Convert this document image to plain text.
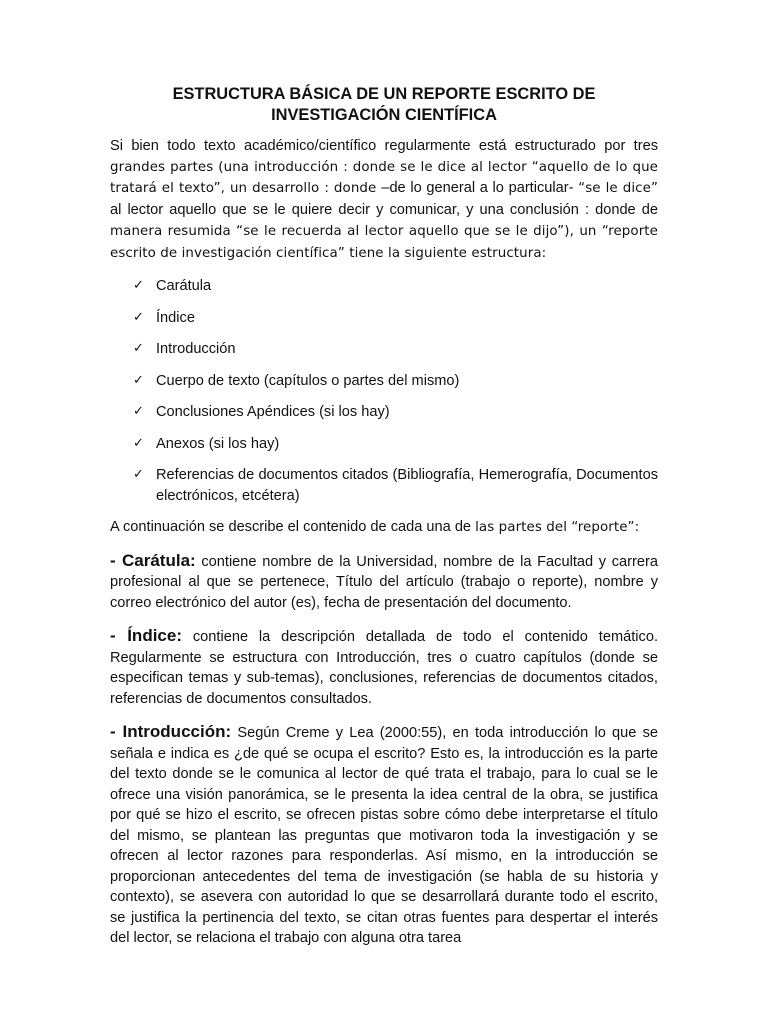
ESTRUCTURA BÁSICA DE UN REPORTE ESCRITO DE INVESTIGACIÓN CIENTÍFICA

Si bien todo texto académico/científico regularmente está estructurado por tres grandes partes (una introducción : donde se le dice al lector “aquello de lo que tratará el texto”, un desarrollo : donde –de lo general a lo particular- “se le dice” al lector aquello que se le quiere decir y comunicar, y una conclusión : donde de manera resumida “se le recuerda al lector aquello que se le dijo”), un “reporte escrito de investigación científica” tiene la siguiente estructura:

✓ Carátula
✓ Índice
✓ Introducción
✓ Cuerpo de texto (capítulos o partes del mismo)
✓ Conclusiones Apéndices (si los hay)
✓ Anexos (si los hay)
✓ Referencias de documentos citados (Bibliografía, Hemerografía, Documentos electrónicos, etcétera)

A continuación se describe el contenido de cada una de las partes del “reporte”:

- Carátula: contiene nombre de la Universidad, nombre de la Facultad y carrera profesional al que se pertenece, Título del artículo (trabajo o reporte), nombre y correo electrónico del autor (es), fecha de presentación del documento.

- Índice: contiene la descripción detallada de todo el contenido temático. Regularmente se estructura con Introducción, tres o cuatro capítulos (donde se especifican temas y sub-temas), conclusiones, referencias de documentos citados, referencias de documentos consultados.

- Introducción: Según Creme y Lea (2000:55), en toda introducción lo que se señala e indica es ¿de qué se ocupa el escrito? Esto es, la introducción es la parte del texto donde se le comunica al lector de qué trata el trabajo, para lo cual se le ofrece una visión panorámica, se le presenta la idea central de la obra, se justifica por qué se hizo el escrito, se ofrecen pistas sobre cómo debe interpretarse el título del mismo, se plantean las preguntas que motivaron toda la investigación y se ofrecen al lector razones para responderlas. Así mismo, en la introducción se proporcionan antecedentes del tema de investigación (se habla de su historia y contexto), se asevera con autoridad lo que se desarrollará durante todo el escrito, se justifica la pertinencia del texto, se citan otras fuentes para despertar el interés del lector, se relaciona el trabajo con alguna otra tarea
